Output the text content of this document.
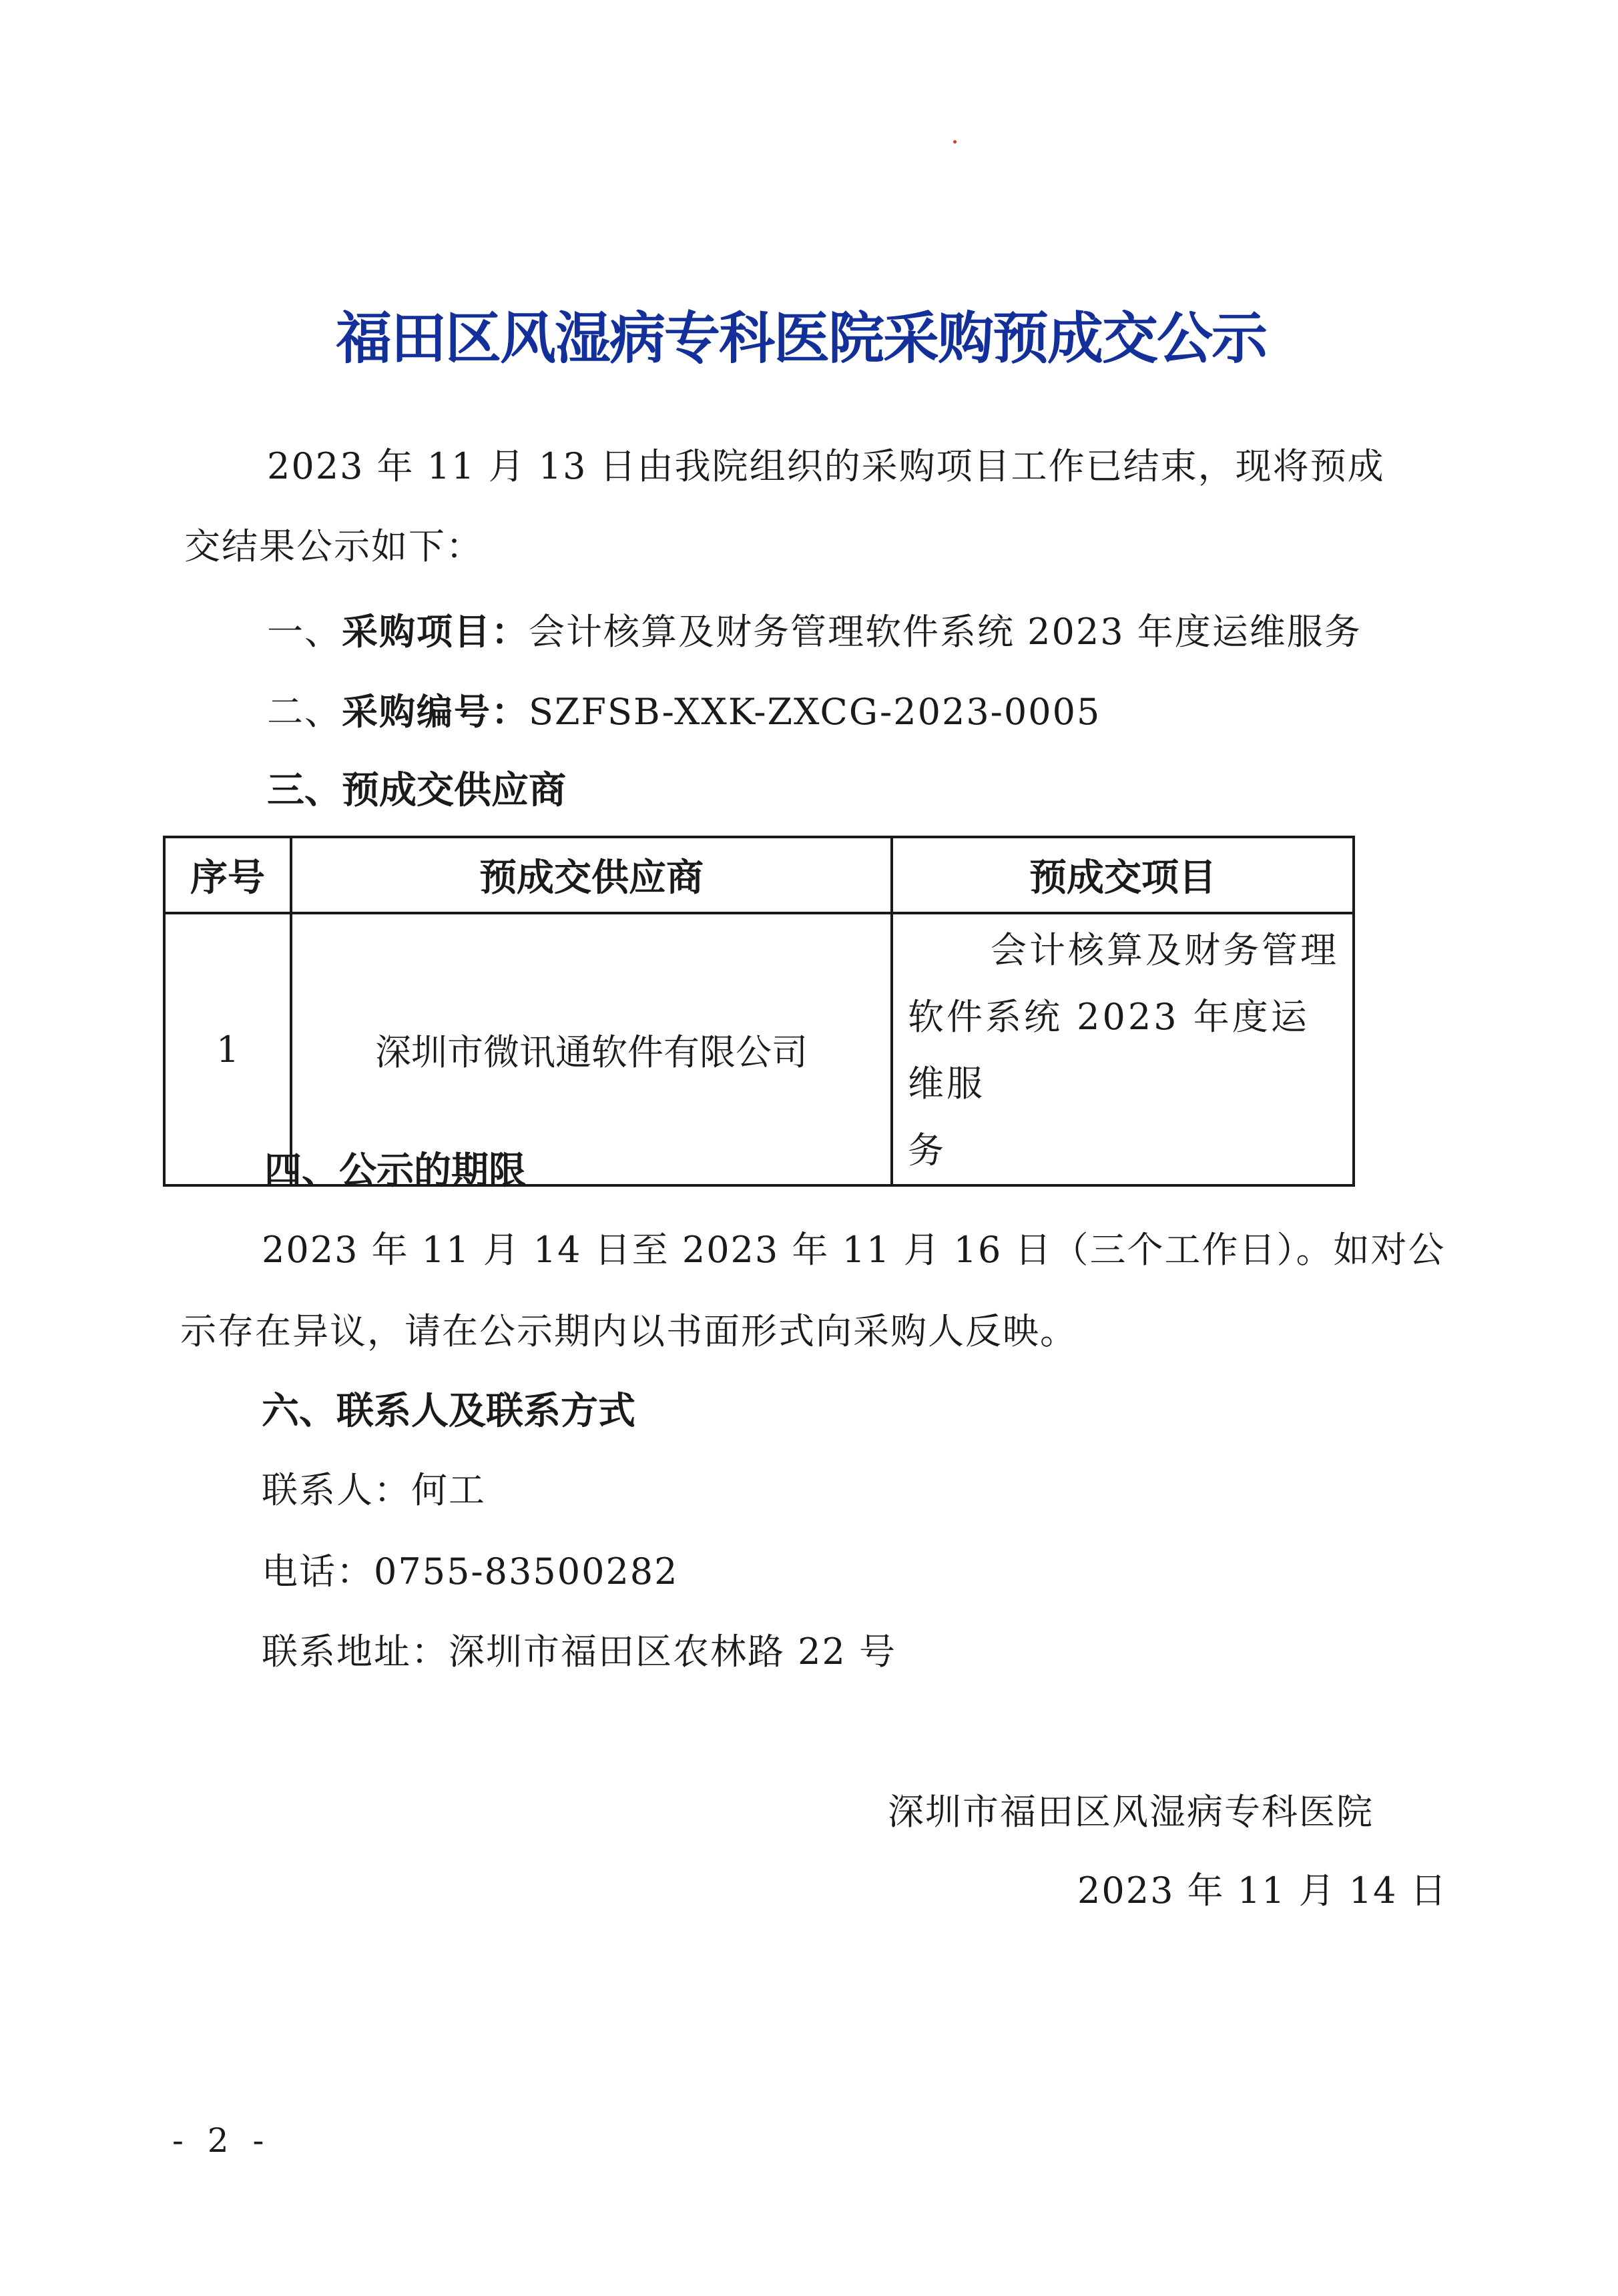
福田区风湿病专科医院采购预成交公示
2023 年 11 月 13 日由我院组织的采购项目工作已结束，现将预成
交结果公示如下：
一、采购项目：会计核算及财务管理软件系统 2023 年度运维服务
二、采购编号：SZFSB-XXK-ZXCG-2023-0005
三、预成交供应商
序号	预成交供应商	预成交项目
1	深圳市微讯通软件有限公司	会计核算及财务管理
软件系统 2023 年度运维服
务
四、公示的期限
2023 年 11 月 14 日至 2023 年 11 月 16 日（三个工作日）。如对公
示存在异议，请在公示期内以书面形式向采购人反映。
六、联系人及联系方式
联系人：何工
电话：0755-83500282
联系地址：深圳市福田区农林路 22 号
深圳市福田区风湿病专科医院
2023 年 11 月 14 日
- 2 -
